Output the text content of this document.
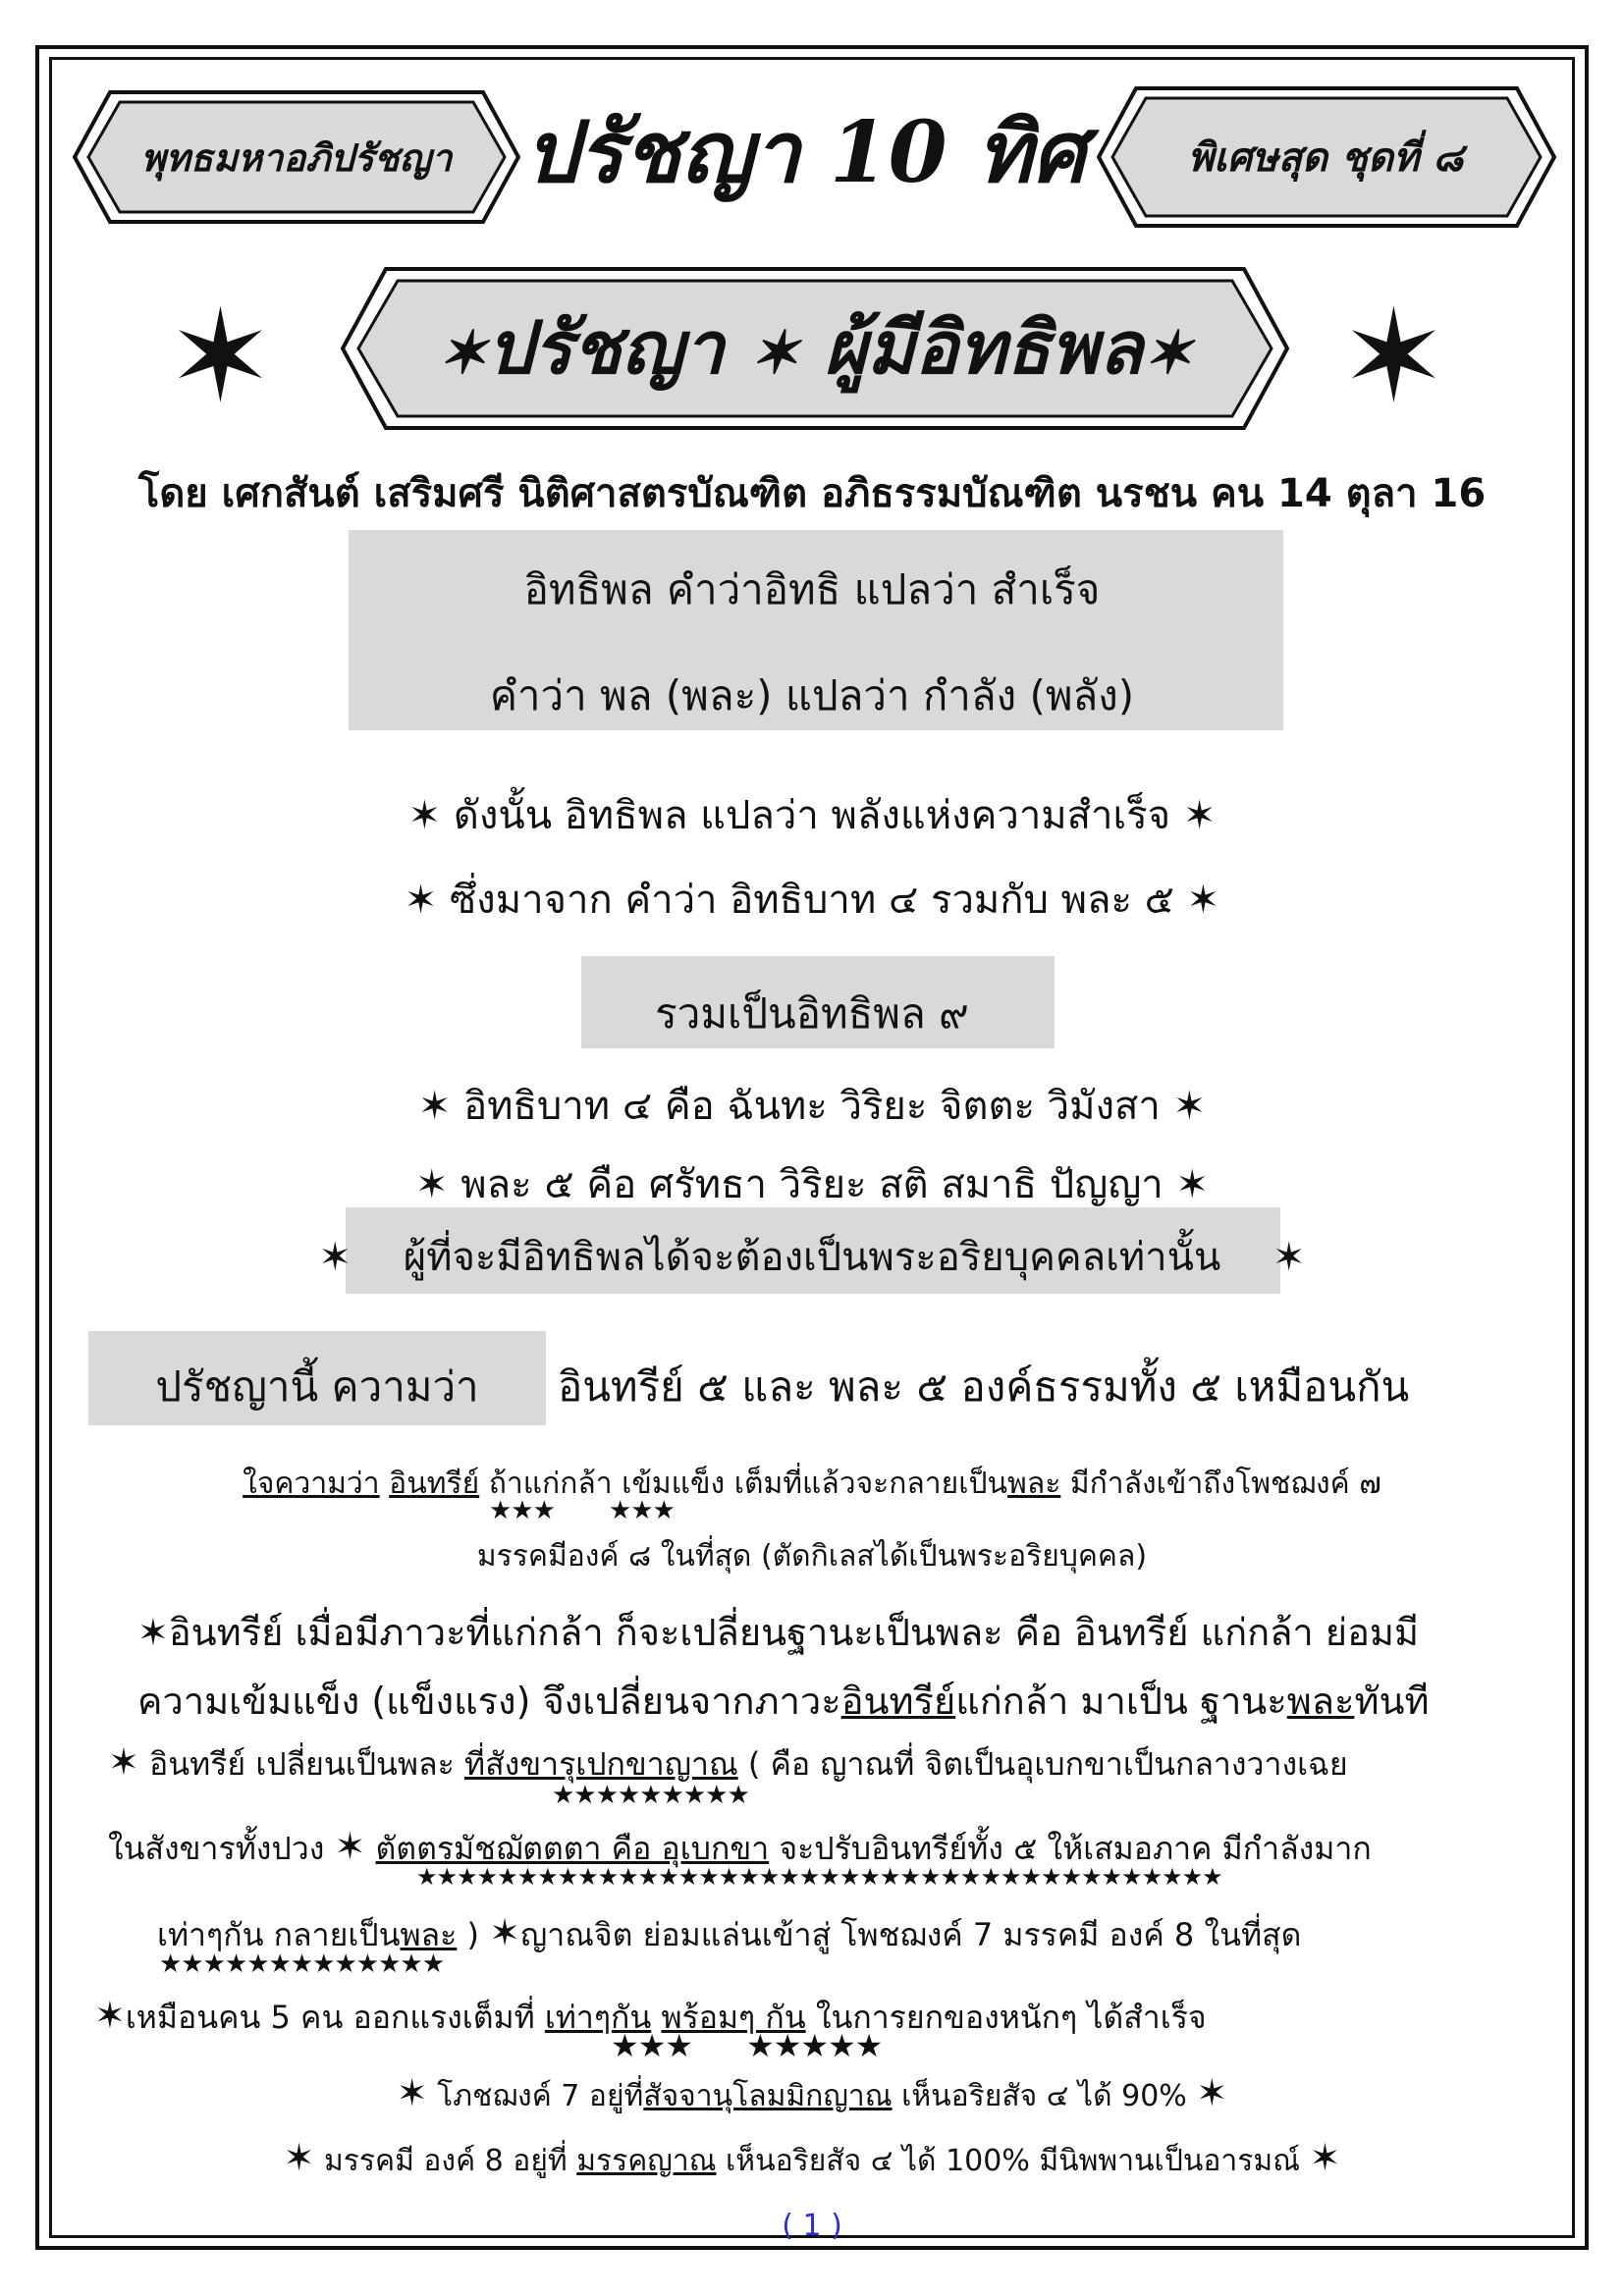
พุทธมหาอภิปรัชญา ปรัชญา 10 ทิศ	พิเศษสุด ชุดที่ ๘
✶	✶ปรัชญา ✶ ผู้มีอิทธิพล✶	✶
โดย เศกสันต์ เสริมศรี นิติศาสตรบัณฑิต อภิธรรมบัณฑิต นรชน คน 14 ตุลา 16
อิทธิพล คำว่าอิทธิ แปลว่า สำเร็จ
คำว่า พล (พละ) แปลว่า กำลัง (พลัง)
✶ ดังนั้น อิทธิพล แปลว่า พลังแห่งความสำเร็จ ✶
✶ ซึ่งมาจาก คำว่า อิทธิบาท ๔ รวมกับ พละ ๕ ✶
รวมเป็นอิทธิพล ๙
✶ อิทธิบาท ๔ คือ ฉันทะ วิริยะ จิตตะ วิมังสา ✶
✶ พละ ๕ คือ ศรัทธา วิริยะ สติ สมาธิ ปัญญา ✶
✶ ผู้ที่จะมีอิทธิพลได้จะต้องเป็นพระอริยบุคคลเท่านั้น ✶
ปรัชญานี้ ความว่า	อินทรีย์ ๕ และ พละ ๕ องค์ธรรมทั้ง ๕ เหมือนกัน
ใจความว่า อินทรีย์ ถ้าแก่กล้า เข้มแข็ง เต็มที่แล้วจะกลายเป็นพละ มีกำลังเข้าถึงโพชฌงค์ ๗
★★★ ★★★
มรรคมีองค์ ๘ ในที่สุด (ตัดกิเลสได้เป็นพระอริยบุคคล)
✶อินทรีย์ เมื่อมีภาวะที่แก่กล้า ก็จะเปลี่ยนฐานะเป็นพละ คือ อินทรีย์ แก่กล้า ย่อมมี
ความเข้มแข็ง (แข็งแรง) จึงเปลี่ยนจากภาวะอินทรีย์แก่กล้า มาเป็น ฐานะพละทันที
✶ อินทรีย์ เปลี่ยนเป็นพละ ที่สังขารุเปกขาญาณ ( คือ ญาณที่ จิตเป็นอุเบกขาเป็นกลางวางเฉย
★★★★★★★★★
ในสังขารทั้งปวง ✶ ตัตตรมัชฌัตตตา คือ อุเบกขา จะปรับอินทรีย์ทั้ง ๕ ให้เสมอภาค มีกำลังมาก
★★★★★★★★★★★★★★★★★★★★★★★★★★★★★★★★★★★★★★★★
เท่าๆกัน กลายเป็นพละ ) ✶ญาณจิต ย่อมแล่นเข้าสู่ โพชฌงค์ 7 มรรคมี องค์ 8 ในที่สุด
★★★★★★★★★★★★★
✶เหมือนคน 5 คน ออกแรงเต็มที่ เท่าๆกัน พร้อมๆ กัน ในการยกของหนักๆ ได้สำเร็จ
★★★ ★★★★★
✶ โภชฌงค์ 7 อยู่ที่สัจจานุโลมมิกญาณ เห็นอริยสัจ ๔ ได้ 90% ✶
✶ มรรคมี องค์ 8 อยู่ที่ มรรคญาณ เห็นอริยสัจ ๔ ได้ 100% มีนิพพานเป็นอารมณ์ ✶
( 1 )
